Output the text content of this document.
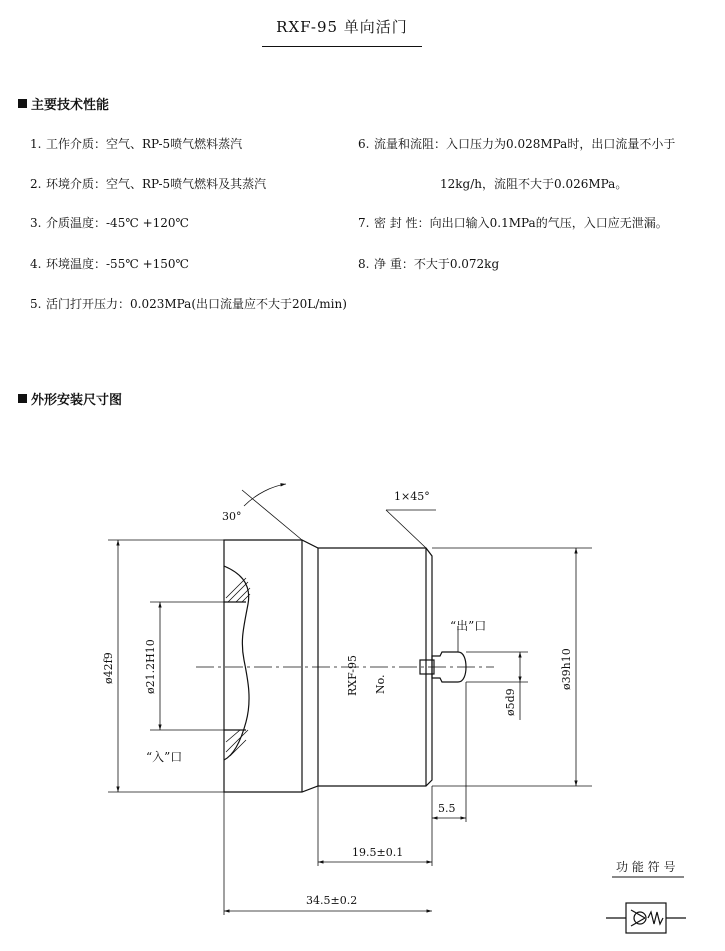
RXF-95 单向活门
主要技术性能
1. 工作介质：空气、RP-5喷气燃料蒸汽
2. 环境介质：空气、RP-5喷气燃料及其蒸汽
3. 介质温度：-45℃ +120℃
4. 环境温度：-55℃ +150℃
5. 活门打开压力：0.023MPa(出口流量应不大于20L/min)
6. 流量和流阻：入口压力为0.028MPa时，出口流量不小于
12kg/h，流阻不大于0.026MPa。
7. 密 封 性：向出口输入0.1MPa的气压，入口应无泄漏。
8. 净 重：不大于0.072kg
外形安装尺寸图
30°
1×45°
“出”口
“入”口
RXF-95 No.
ø42f9	ø21.2H10	ø39h10
ø5d9
5.5
19.5±0.1
34.5±0.2
功 能 符 号
